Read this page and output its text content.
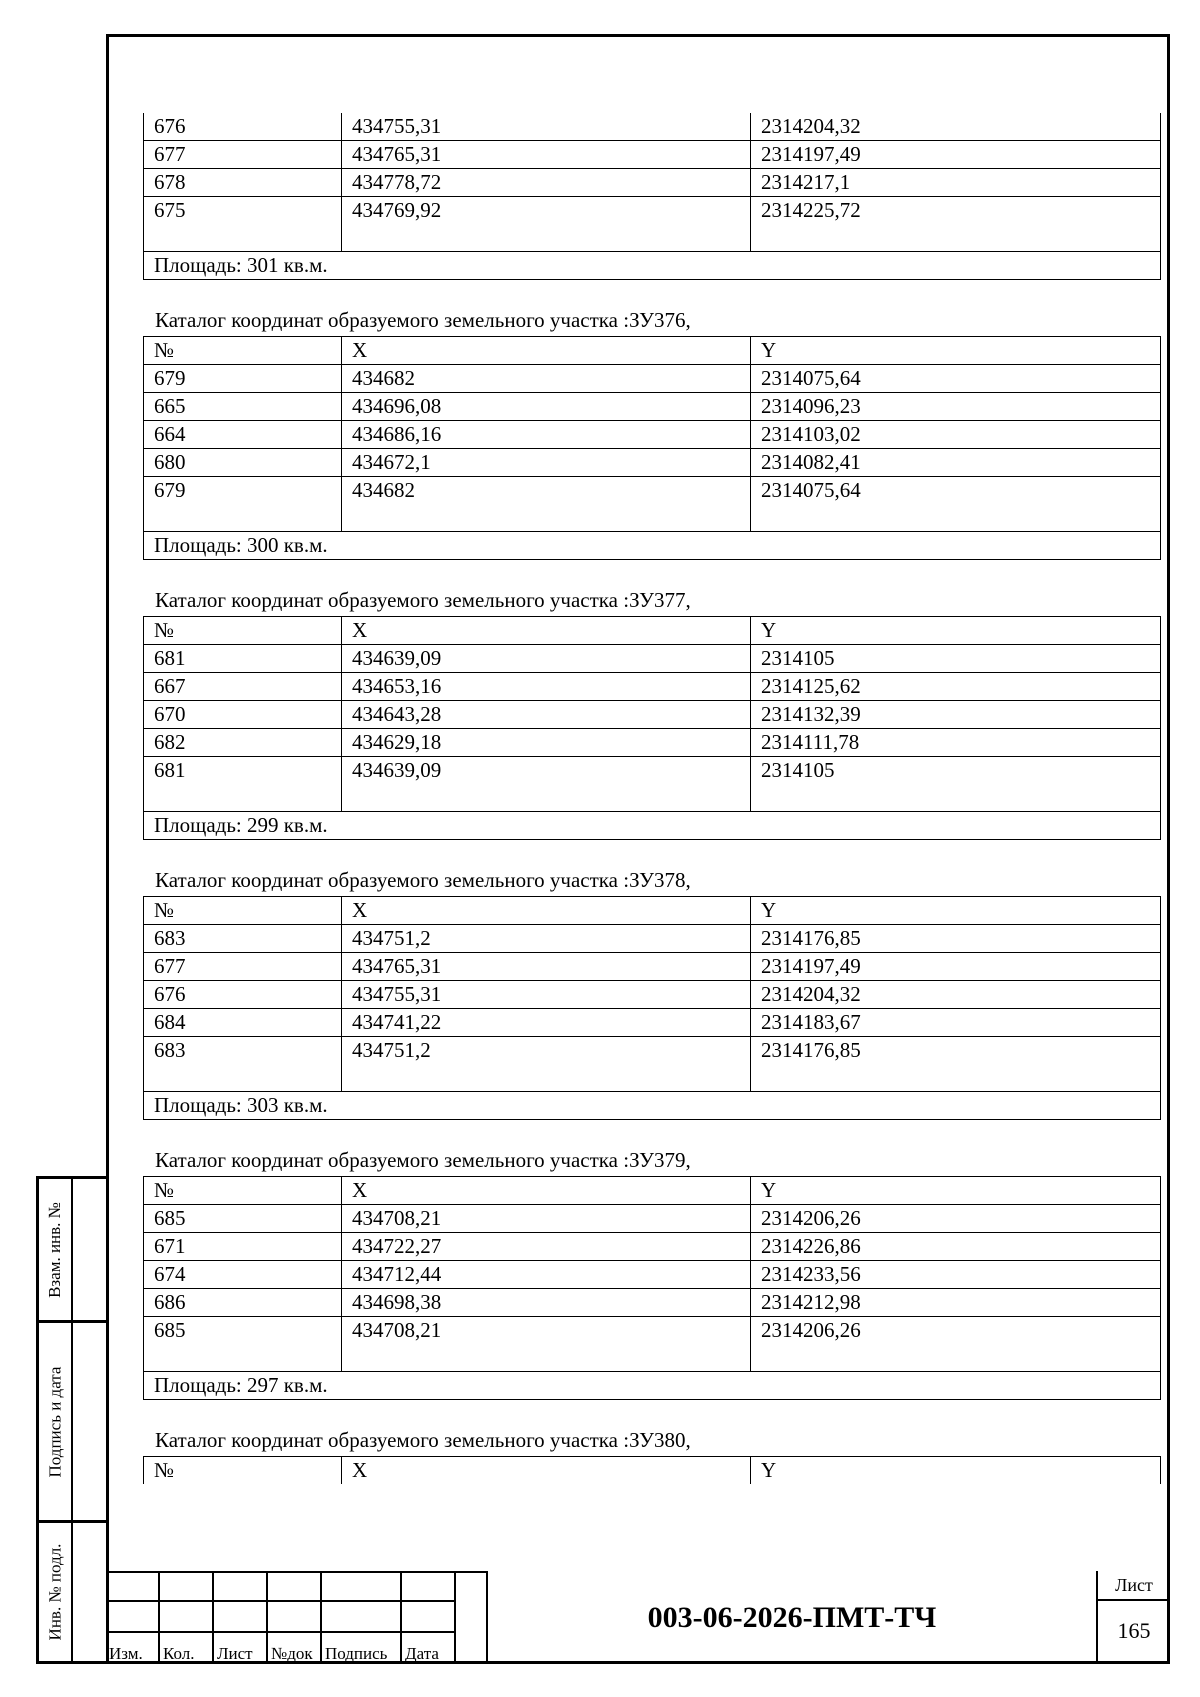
676	434755,31	2314204,32
677	434765,31	2314197,49
678	434778,72	2314217,1
675	434769,92	2314225,72
Площадь: 301 кв.м.		
Каталог координат образуемого земельного участка :ЗУ376,
№	X	Y
679	434682	2314075,64
665	434696,08	2314096,23
664	434686,16	2314103,02
680	434672,1	2314082,41
679	434682	2314075,64
Площадь: 300 кв.м.		
Каталог координат образуемого земельного участка :ЗУ377,
№	X	Y
681	434639,09	2314105
667	434653,16	2314125,62
670	434643,28	2314132,39
682	434629,18	2314111,78
681	434639,09	2314105
Площадь: 299 кв.м.		
Каталог координат образуемого земельного участка :ЗУ378,
№	X	Y
683	434751,2	2314176,85
677	434765,31	2314197,49
676	434755,31	2314204,32
684	434741,22	2314183,67
683	434751,2	2314176,85
Площадь: 303 кв.м.		
Каталог координат образуемого земельного участка :ЗУ379,
№	X	Y
685	434708,21	2314206,26
671	434722,27	2314226,86
674	434712,44	2314233,56
686	434698,38	2314212,98
685	434708,21	2314206,26
Площадь: 297 кв.м.		
Каталог координат образуемого земельного участка :ЗУ380,
№	X	Y
Взам. инв. №
Подпись и дата
Инв. № подл.
Изм. Кол. Лист №док Подпись Дата
003-06-2026-ПМТ-ТЧ
Лист
165
